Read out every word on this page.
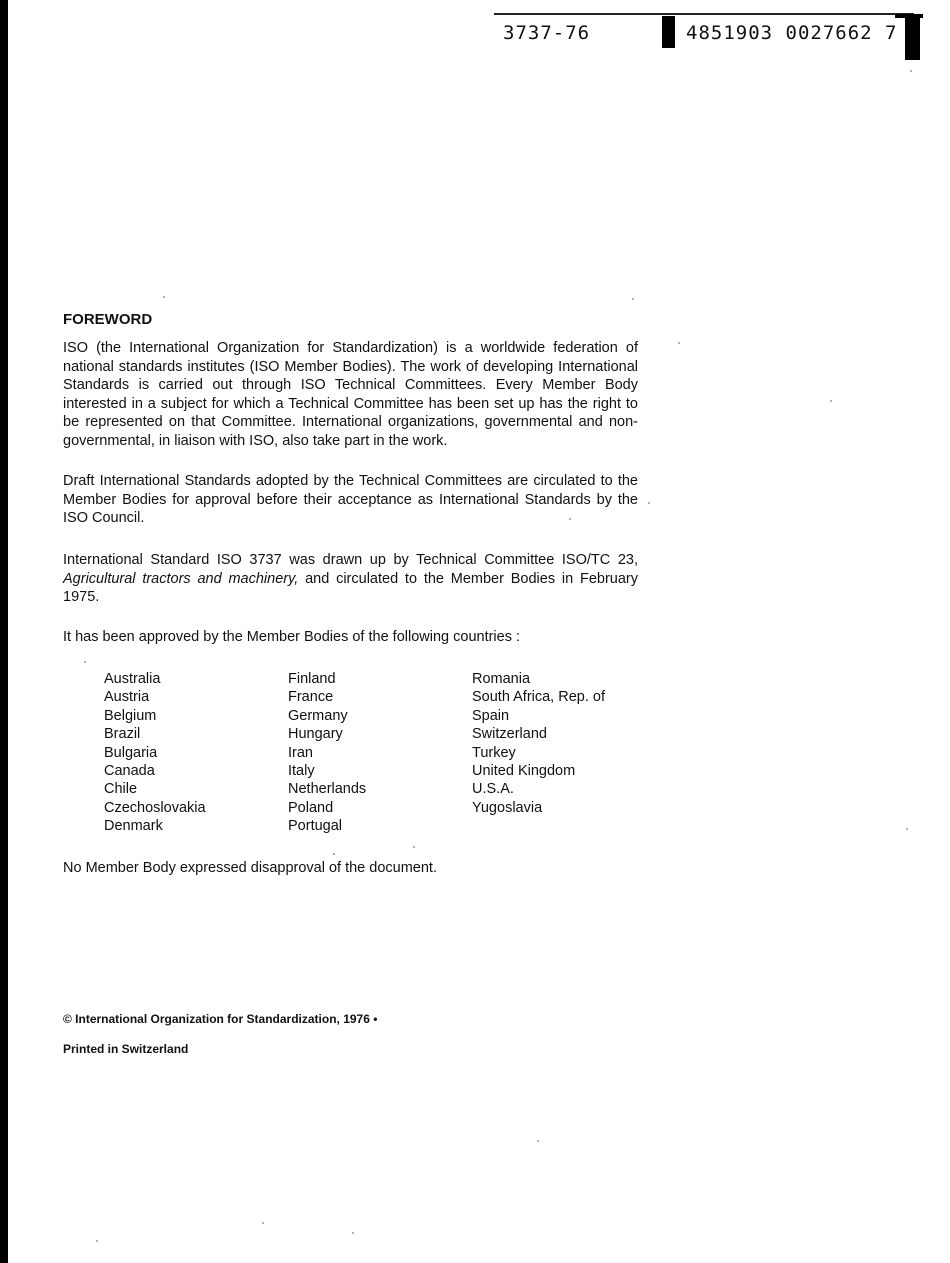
3737-76	4851903 0027662 7
FOREWORD
ISO (the International Organization for Standardization) is a worldwide federation of national standards institutes (ISO Member Bodies). The work of developing International Standards is carried out through ISO Technical Committees. Every Member Body interested in a subject for which a Technical Committee has been set up has the right to be represented on that Committee. International organizations, governmental and non-governmental, in liaison with ISO, also take part in the work.
Draft International Standards adopted by the Technical Committees are circulated to the Member Bodies for approval before their acceptance as International Standards by the ISO Council.
International Standard ISO 3737 was drawn up by Technical Committee ISO/TC 23, Agricultural tractors and machinery, and circulated to the Member Bodies in February 1975.
It has been approved by the Member Bodies of the following countries :
Australia
Austria
Belgium
Brazil
Bulgaria
Canada
Chile
Czechoslovakia
Denmark
Finland
France
Germany
Hungary
Iran
Italy
Netherlands
Poland
Portugal
Romania
South Africa, Rep. of
Spain
Switzerland
Turkey
United Kingdom
U.S.A.
Yugoslavia
No Member Body expressed disapproval of the document.
© International Organization for Standardization, 1976 •
Printed in Switzerland
